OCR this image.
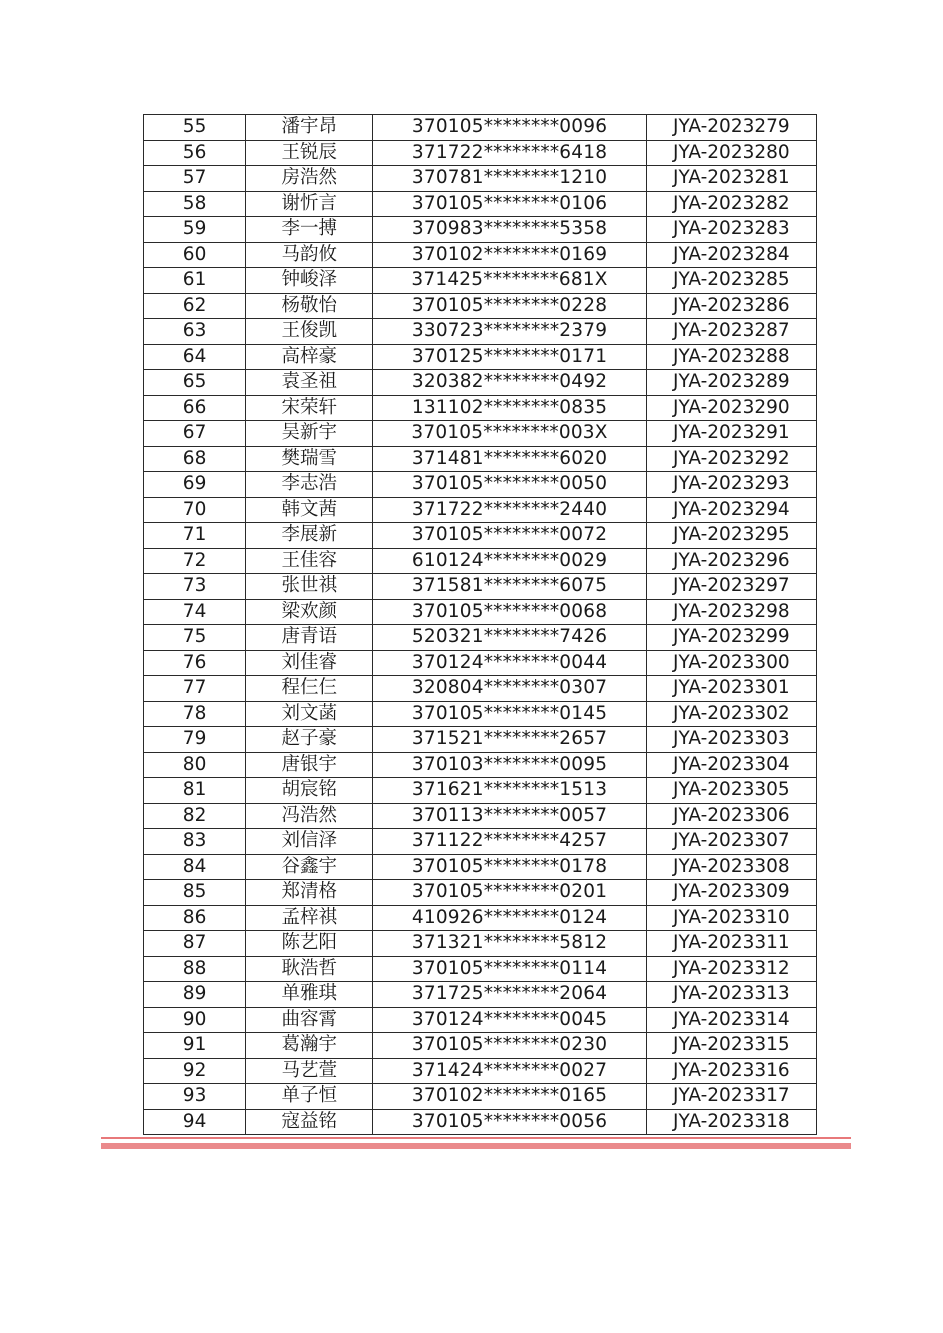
55	潘宇昂	370105********0096	JYA-2023279
56	王锐辰	371722********6418	JYA-2023280
57	房浩然	370781********1210	JYA-2023281
58	谢忻言	370105********0106	JYA-2023282
59	李一搏	370983********5358	JYA-2023283
60	马韵攸	370102********0169	JYA-2023284
61	钟峻泽	371425********681X	JYA-2023285
62	杨敬怡	370105********0228	JYA-2023286
63	王俊凯	330723********2379	JYA-2023287
64	高梓豪	370125********0171	JYA-2023288
65	袁圣祖	320382********0492	JYA-2023289
66	宋荣轩	131102********0835	JYA-2023290
67	吴新宇	370105********003X	JYA-2023291
68	樊瑞雪	371481********6020	JYA-2023292
69	李志浩	370105********0050	JYA-2023293
70	韩文茜	371722********2440	JYA-2023294
71	李展新	370105********0072	JYA-2023295
72	王佳容	610124********0029	JYA-2023296
73	张世祺	371581********6075	JYA-2023297
74	梁欢颜	370105********0068	JYA-2023298
75	唐青语	520321********7426	JYA-2023299
76	刘佳睿	370124********0044	JYA-2023300
77	程仨仨	320804********0307	JYA-2023301
78	刘文菡	370105********0145	JYA-2023302
79	赵子豪	371521********2657	JYA-2023303
80	唐银宇	370103********0095	JYA-2023304
81	胡宸铭	371621********1513	JYA-2023305
82	冯浩然	370113********0057	JYA-2023306
83	刘信泽	371122********4257	JYA-2023307
84	谷鑫宇	370105********0178	JYA-2023308
85	郑清格	370105********0201	JYA-2023309
86	孟梓祺	410926********0124	JYA-2023310
87	陈艺阳	371321********5812	JYA-2023311
88	耿浩哲	370105********0114	JYA-2023312
89	单雅琪	371725********2064	JYA-2023313
90	曲容霄	370124********0045	JYA-2023314
91	葛瀚宇	370105********0230	JYA-2023315
92	马艺萱	371424********0027	JYA-2023316
93	单子恒	370102********0165	JYA-2023317
94	寇益铭	370105********0056	JYA-2023318
